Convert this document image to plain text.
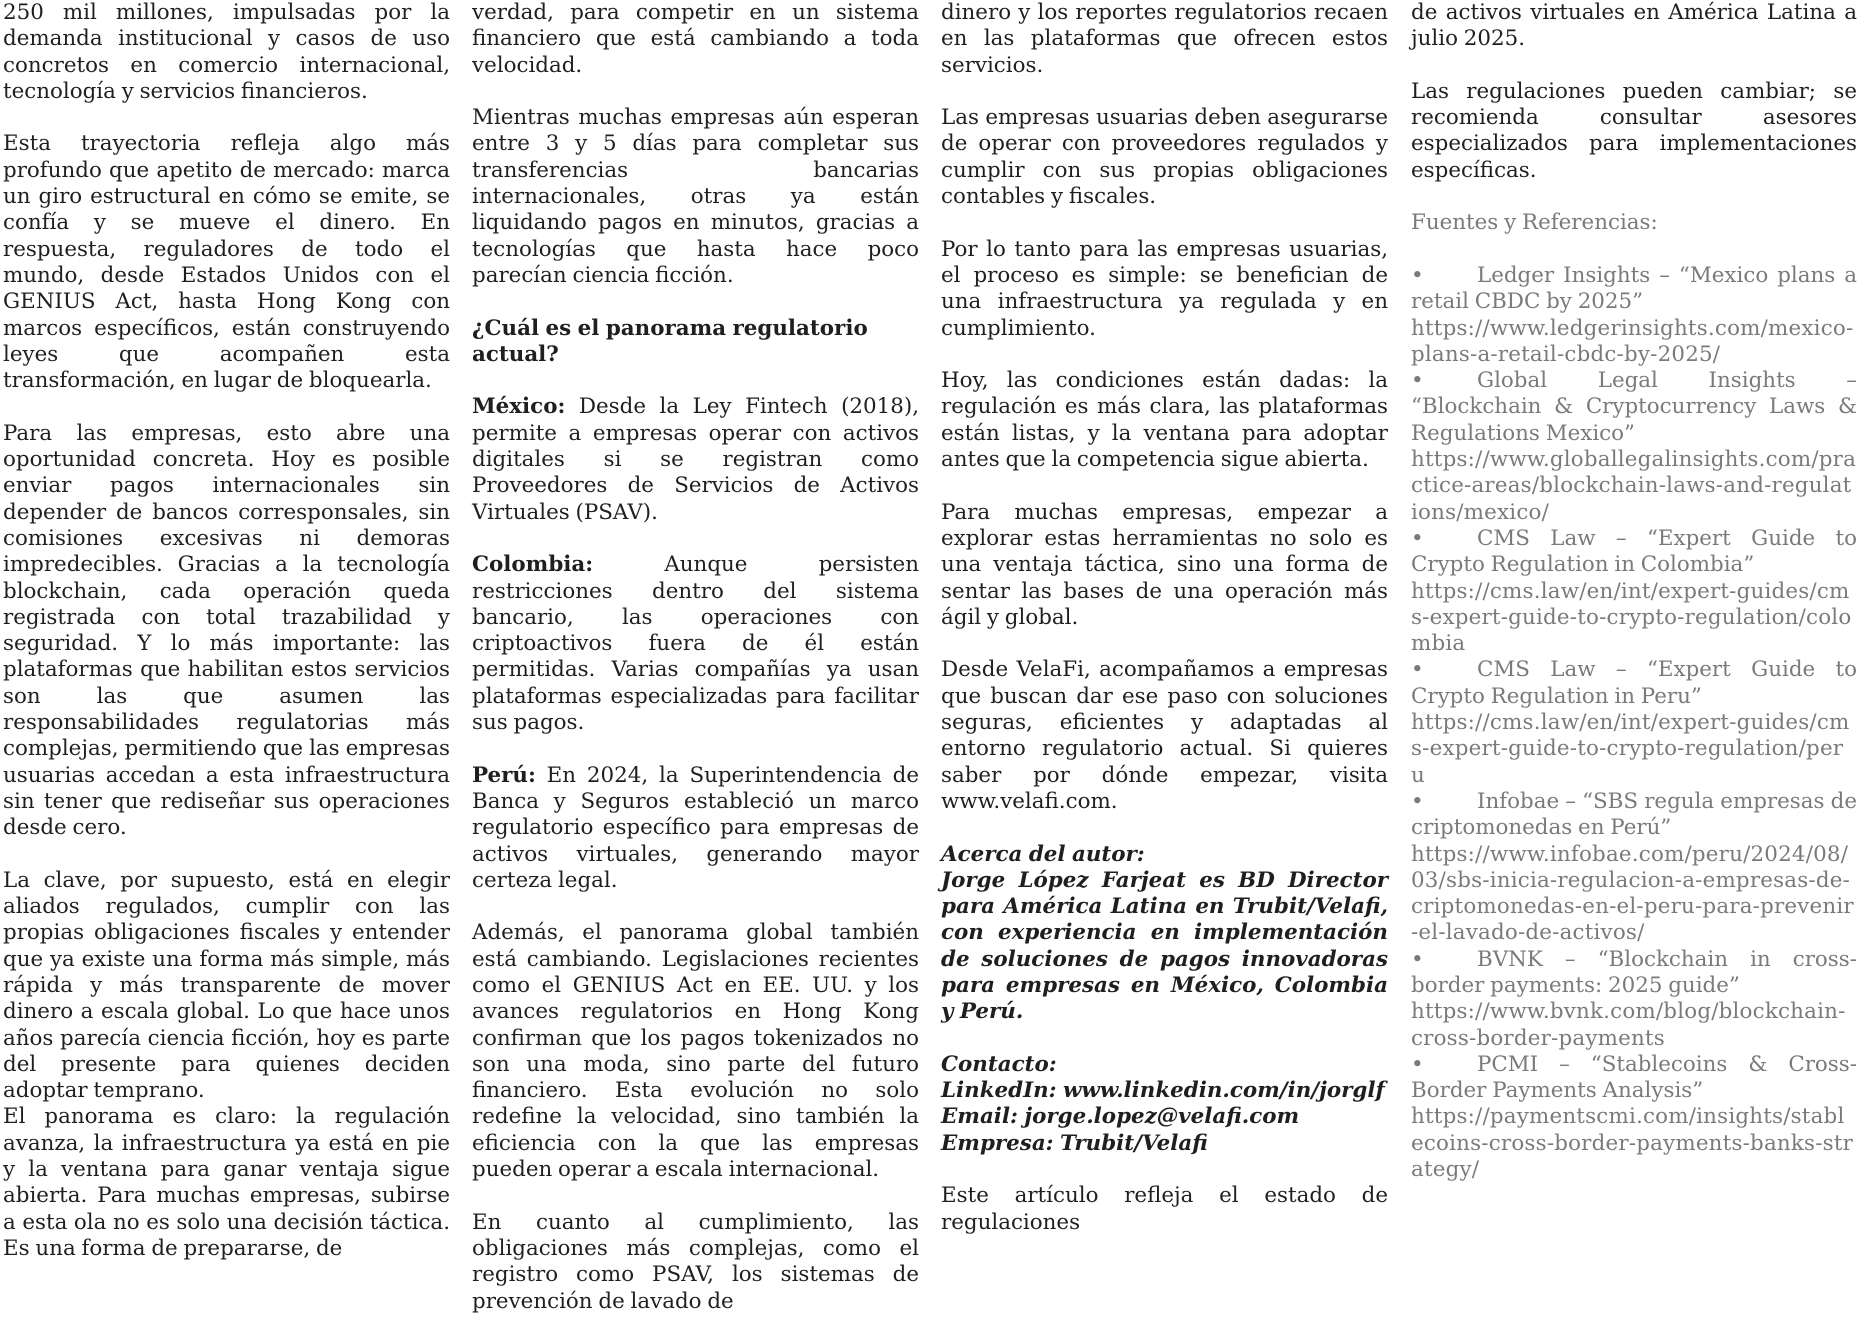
250 mil millones, impulsadas por la demanda institucional y casos de uso concretos en comercio internacional, tecnología y servicios financieros.

Esta trayectoria refleja algo más profundo que apetito de mercado: marca un giro estructural en cómo se emite, se confía y se mueve el dinero. En respuesta, reguladores de todo el mundo, desde Estados Unidos con el GENIUS Act, hasta Hong Kong con marcos específicos, están construyendo leyes que acompañen esta transformación, en lugar de bloquearla.

Para las empresas, esto abre una oportunidad concreta. Hoy es posible enviar pagos internacionales sin depender de bancos corresponsales, sin comisiones excesivas ni demoras impredecibles. Gracias a la tecnología blockchain, cada operación queda registrada con total trazabilidad y seguridad. Y lo más importante: las plataformas que habilitan estos servicios son las que asumen las responsabilidades regulatorias más complejas, permitiendo que las empresas usuarias accedan a esta infraestructura sin tener que rediseñar sus operaciones desde cero.

La clave, por supuesto, está en elegir aliados regulados, cumplir con las propias obligaciones fiscales y entender que ya existe una forma más simple, más rápida y más transparente de mover dinero a escala global. Lo que hace unos años parecía ciencia ficción, hoy es parte del presente para quienes deciden adoptar temprano.

El panorama es claro: la regulación avanza, la infraestructura ya está en pie y la ventana para ganar ventaja sigue abierta. Para muchas empresas, subirse a esta ola no es solo una decisión táctica. Es una forma de prepararse, de

verdad, para competir en un sistema financiero que está cambiando a toda velocidad.

Mientras muchas empresas aún esperan entre 3 y 5 días para completar sus transferencias bancarias internacionales, otras ya están liquidando pagos en minutos, gracias a tecnologías que hasta hace poco parecían ciencia ficción.

¿Cuál es el panorama regulatorio actual?

México: Desde la Ley Fintech (2018), permite a empresas operar con activos digitales si se registran como Proveedores de Servicios de Activos Virtuales (PSAV).

Colombia: Aunque persisten restricciones dentro del sistema bancario, las operaciones con criptoactivos fuera de él están permitidas. Varias compañías ya usan plataformas especializadas para facilitar sus pagos.

Perú: En 2024, la Superintendencia de Banca y Seguros estableció un marco regulatorio específico para empresas de activos virtuales, generando mayor certeza legal.

Además, el panorama global también está cambiando. Legislaciones recientes como el GENIUS Act en EE. UU. y los avances regulatorios en Hong Kong confirman que los pagos tokenizados no son una moda, sino parte del futuro financiero. Esta evolución no solo redefine la velocidad, sino también la eficiencia con la que las empresas pueden operar a escala internacional.

En cuanto al cumplimiento, las obligaciones más complejas, como el registro como PSAV, los sistemas de prevención de lavado de

dinero y los reportes regulatorios recaen en las plataformas que ofrecen estos servicios.

Las empresas usuarias deben asegurarse de operar con proveedores regulados y cumplir con sus propias obligaciones contables y fiscales.

Por lo tanto para las empresas usuarias, el proceso es simple: se benefician de una infraestructura ya regulada y en cumplimiento.

Hoy, las condiciones están dadas: la regulación es más clara, las plataformas están listas, y la ventana para adoptar antes que la competencia sigue abierta.

Para muchas empresas, empezar a explorar estas herramientas no solo es una ventaja táctica, sino una forma de sentar las bases de una operación más ágil y global.

Desde VelaFi, acompañamos a empresas que buscan dar ese paso con soluciones seguras, eficientes y adaptadas al entorno regulatorio actual. Si quieres saber por dónde empezar, visita www.velafi.com.

Acerca del autor:
Jorge López Farjeat es BD Director para América Latina en Trubit/Velafi, con experiencia en implementación de soluciones de pagos innovadoras para empresas en México, Colombia y Perú.

Contacto:
LinkedIn: www.linkedin.com/in/jorglf
Email: jorge.lopez@velafi.com
Empresa: Trubit/Velafi

Este artículo refleja el estado de regulaciones

de activos virtuales en América Latina a julio 2025.

Las regulaciones pueden cambiar; se recomienda consultar asesores especializados para implementaciones específicas.

Fuentes y Referencias:

• Ledger Insights – “Mexico plans a retail CBDC by 2025”
https://www.ledgerinsights.com/mexico-plans-a-retail-cbdc-by-2025/
• Global Legal Insights – “Blockchain & Cryptocurrency Laws & Regulations Mexico”
https://www.globallegalinsights.com/practice-areas/blockchain-laws-and-regulations/mexico/
• CMS Law – “Expert Guide to Crypto Regulation in Colombia”
https://cms.law/en/int/expert-guides/cms-expert-guide-to-crypto-regulation/colombia
• CMS Law – “Expert Guide to Crypto Regulation in Peru”
https://cms.law/en/int/expert-guides/cms-expert-guide-to-crypto-regulation/peru
• Infobae – “SBS regula empresas de criptomonedas en Perú”
https://www.infobae.com/peru/2024/08/03/sbs-inicia-regulacion-a-empresas-de-criptomonedas-en-el-peru-para-prevenir-el-lavado-de-activos/
• BVNK – “Blockchain in cross-border payments: 2025 guide”
https://www.bvnk.com/blog/blockchain-cross-border-payments
• PCMI – “Stablecoins & Cross-Border Payments Analysis”
https://paymentscmi.com/insights/stablecoins-cross-border-payments-banks-strategy/
